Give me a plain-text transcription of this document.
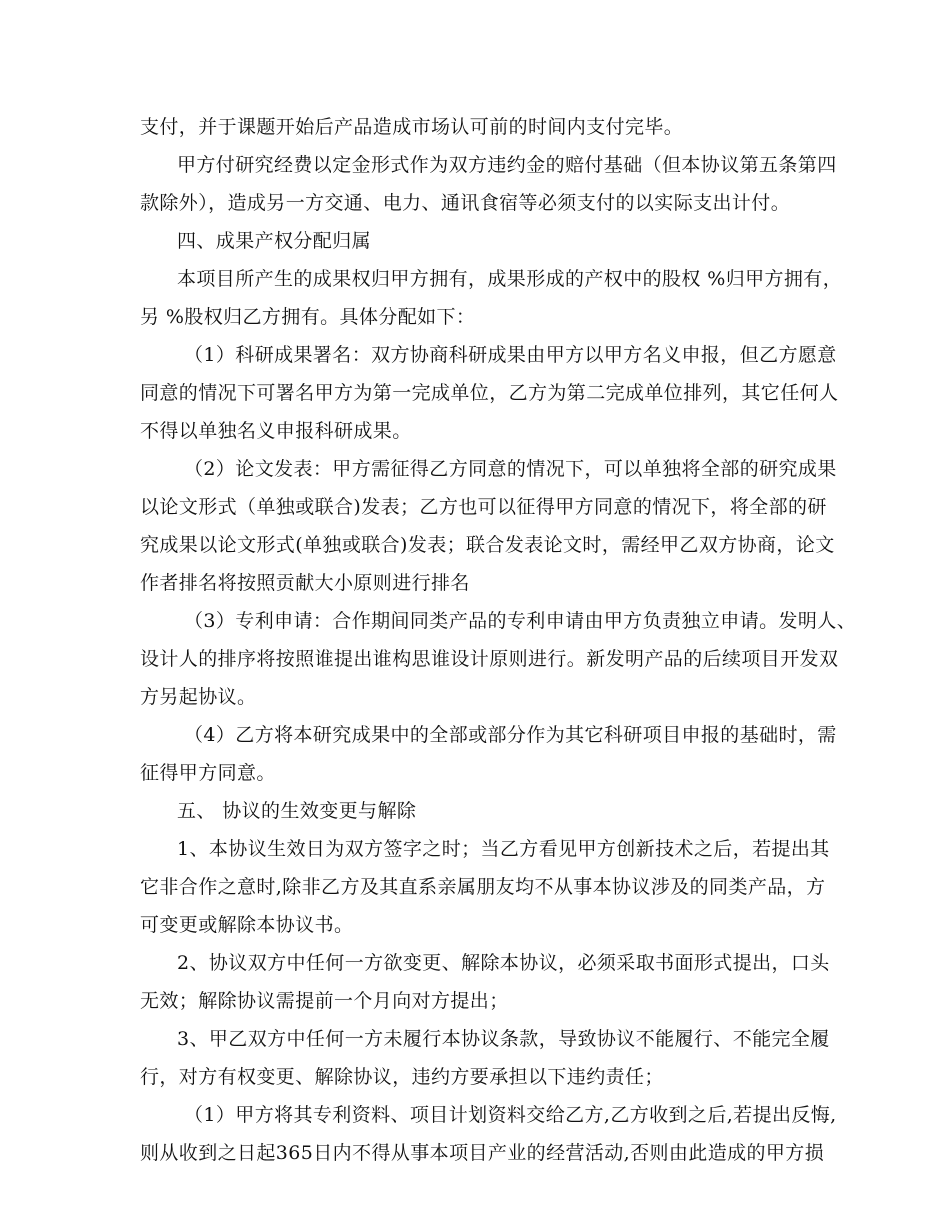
支付，并于课题开始后产品造成市场认可前的时间内支付完毕。
甲方付研究经费以定金形式作为双方违约金的赔付基础（但本协议第五条第四
款除外），造成另一方交通、电力、通讯食宿等必须支付的以实际支出计付。
四、成果产权分配归属
本项目所产生的成果权归甲方拥有，成果形成的产权中的股权 %归甲方拥有，
另 %股权归乙方拥有。具体分配如下：
（1）科研成果署名：双方协商科研成果由甲方以甲方名义申报，但乙方愿意
同意的情况下可署名甲方为第一完成单位，乙方为第二完成单位排列，其它任何人
不得以单独名义申报科研成果。
（2）论文发表：甲方需征得乙方同意的情况下，可以单独将全部的研究成果
以论文形式（单独或联合)发表；乙方也可以征得甲方同意的情况下，将全部的研
究成果以论文形式(单独或联合)发表；联合发表论文时，需经甲乙双方协商，论文
作者排名将按照贡献大小原则进行排名
（3）专利申请：合作期间同类产品的专利申请由甲方负责独立申请。发明人、
设计人的排序将按照谁提出谁构思谁设计原则进行。新发明产品的后续项目开发双
方另起协议。
（4）乙方将本研究成果中的全部或部分作为其它科研项目申报的基础时，需
征得甲方同意。
五、 协议的生效变更与解除
1、本协议生效日为双方签字之时；当乙方看见甲方创新技术之后，若提出其
它非合作之意时,除非乙方及其直系亲属朋友均不从事本协议涉及的同类产品，方
可变更或解除本协议书。
2、协议双方中任何一方欲变更、解除本协议，必须采取书面形式提出，口头
无效；解除协议需提前一个月向对方提出；
3、甲乙双方中任何一方未履行本协议条款，导致协议不能履行、不能完全履
行，对方有权变更、解除协议，违约方要承担以下违约责任；
（1）甲方将其专利资料、项目计划资料交给乙方,乙方收到之后,若提出反悔,
则从收到之日起365日内不得从事本项目产业的经营活动,否则由此造成的甲方损
